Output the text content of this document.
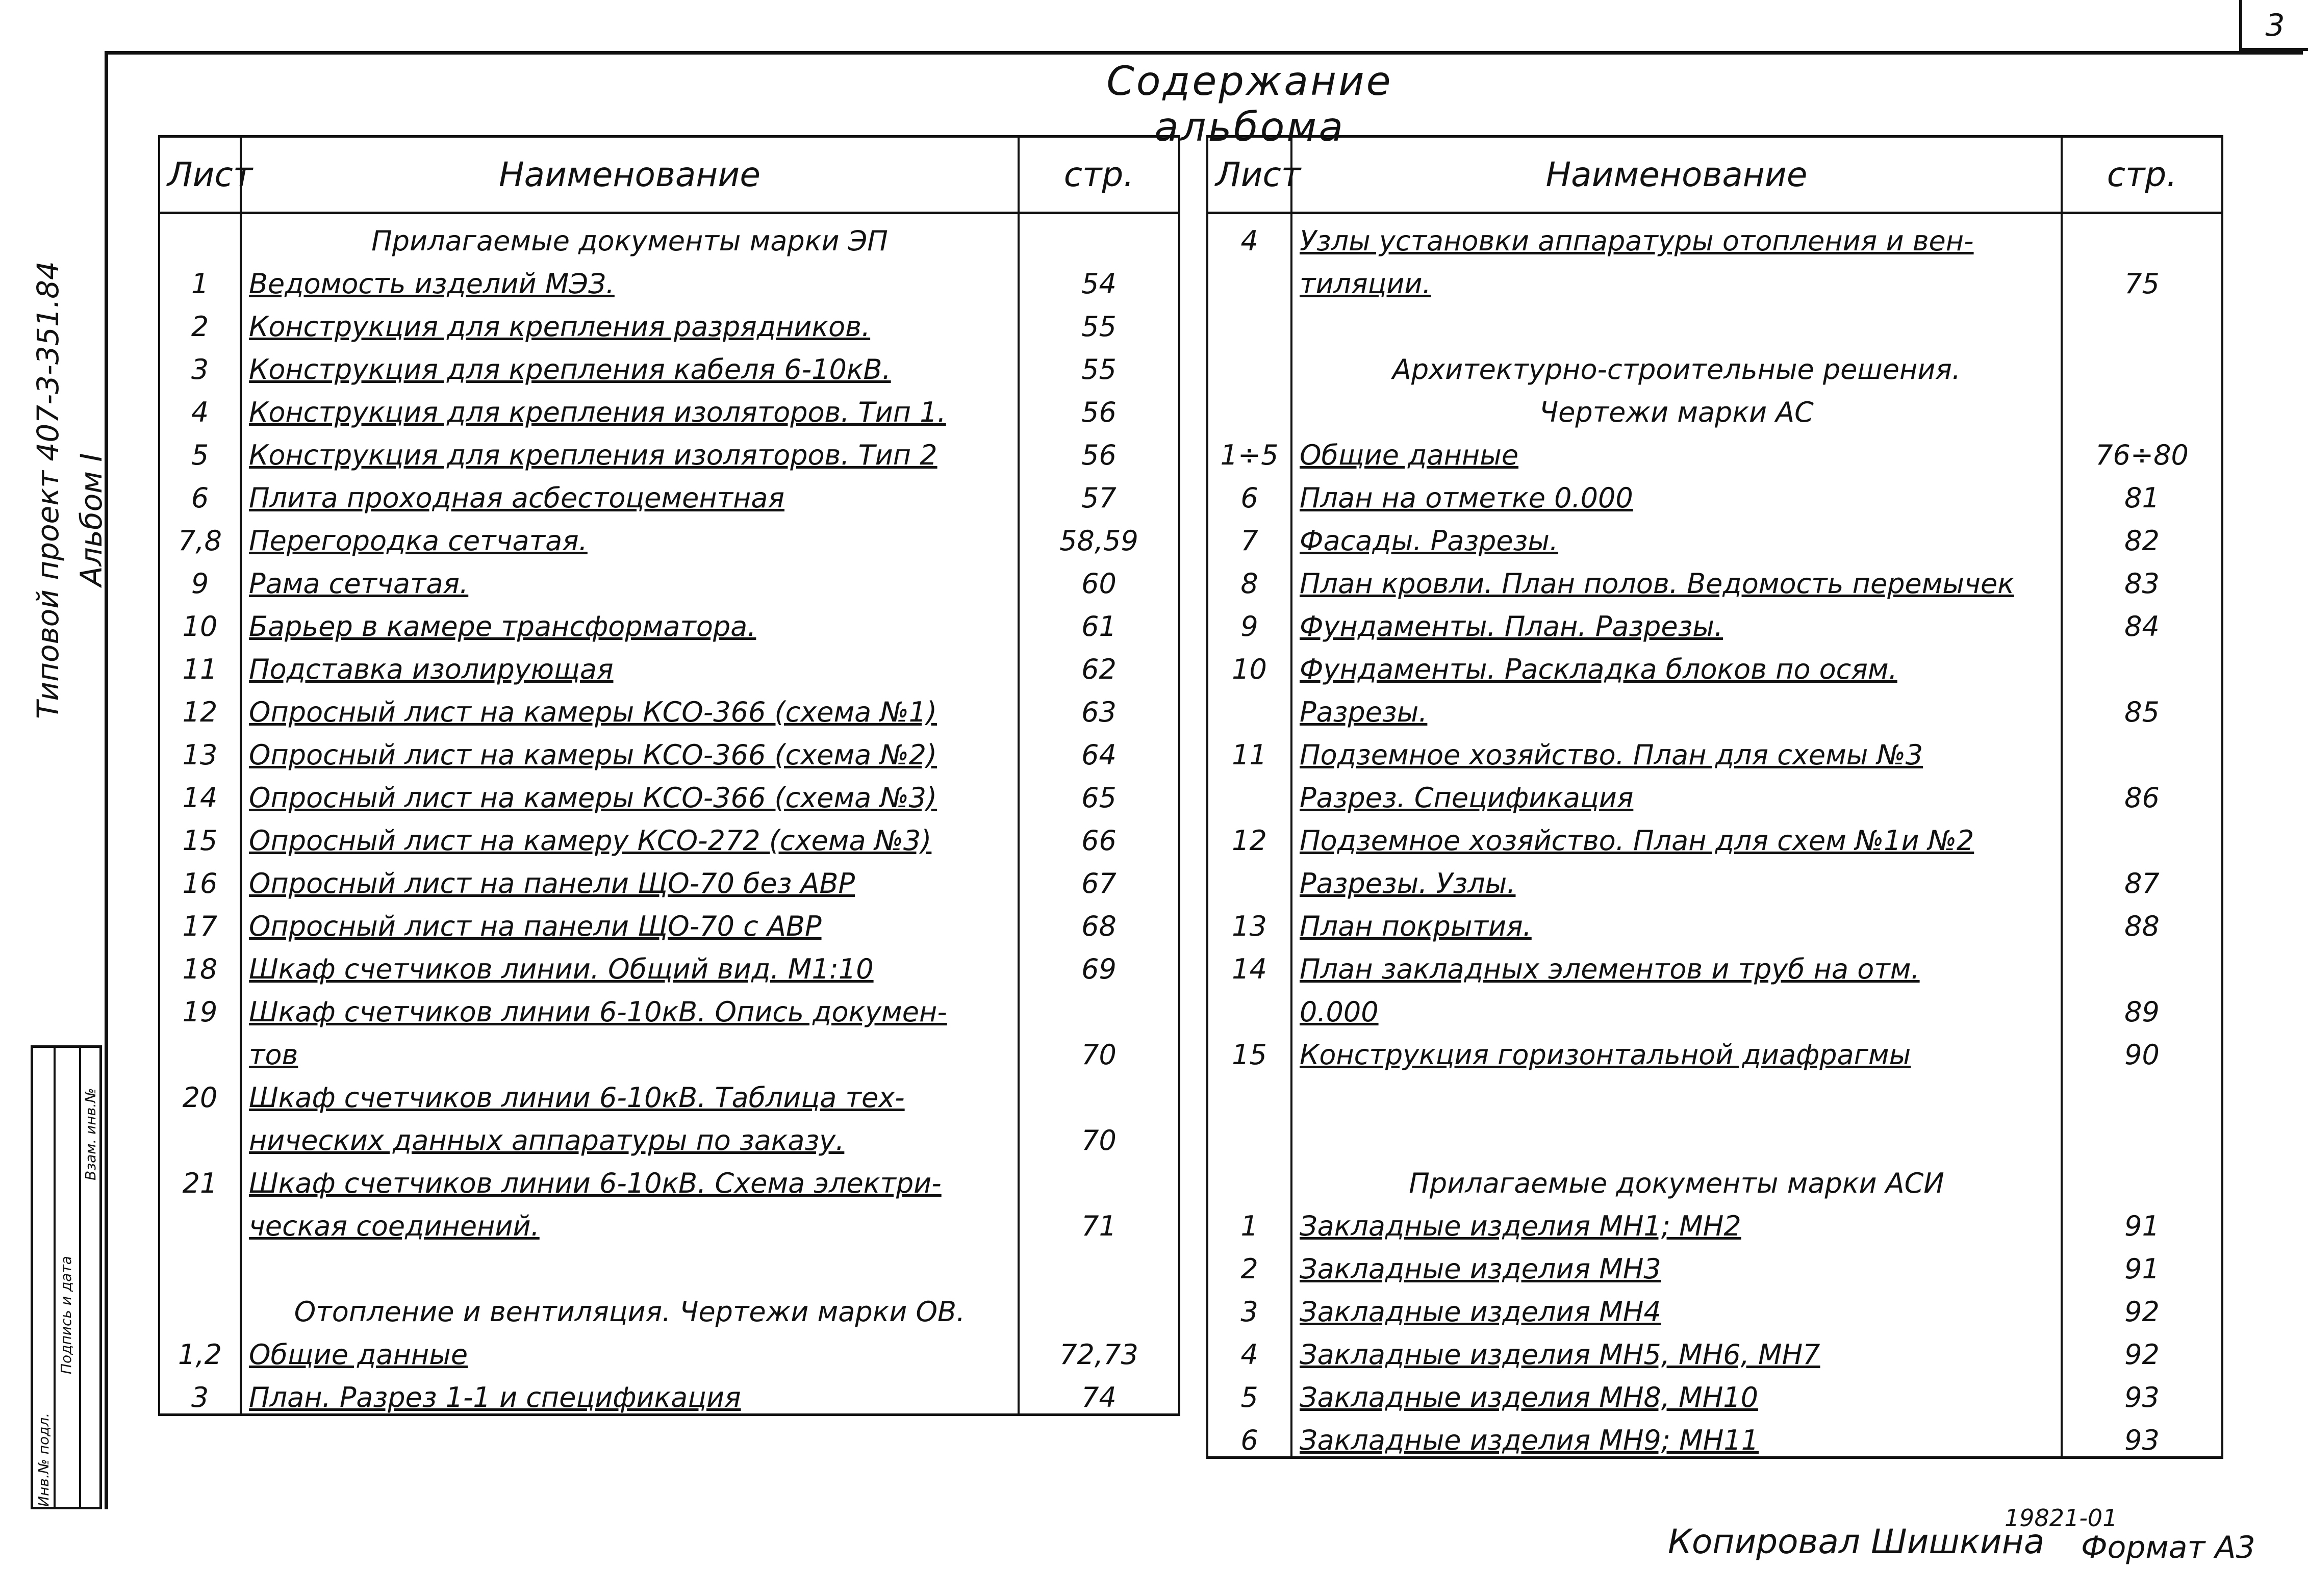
3
Содержание альбома
Типовой проект 407-3-351.84 Альбом I
Инв.№ подл.
Подпись и дата
Взам. инв.№
Лист	Наименование	стр.
	Прилагаемые документы марки ЭП	
1	Ведомость изделий МЭЗ.	54
2	Конструкция для крепления разрядников.	55
3	Конструкция для крепления кабеля 6-10кВ.	55
4	Конструкция для крепления изоляторов. Тип 1.	56
5	Конструкция для крепления изоляторов. Тип 2	56
6	Плита проходная асбестоцементная	57
7,8	Перегородка сетчатая.	58,59
9	Рама сетчатая.	60
10	Барьер в камере трансформатора.	61
11	Подставка изолирующая	62
12	Опросный лист на камеры КСО-366 (схема №1)	63
13	Опросный лист на камеры КСО-366 (схема №2)	64
14	Опросный лист на камеры КСО-366 (схема №3)	65
15	Опросный лист на камеру КСО-272 (схема №3)	66
16	Опросный лист на панели ЩО-70 без АВР	67
17	Опросный лист на панели ЩО-70 с АВР	68
18	Шкаф счетчиков линии. Общий вид. М1:10	69
19	Шкаф счетчиков линии 6-10кВ. Опись докумен-	
	тов	70
20	Шкаф счетчиков линии 6-10кВ. Таблица тех-	
	нических данных аппаратуры по заказу.	70
21	Шкаф счетчиков линии 6-10кВ. Схема электри-	
	ческая соединений.	71

	Отопление и вентиляция. Чертежи марки ОВ.	
1,2	Общие данные	72,73
3	План. Разрез 1-1 и спецификация	74
Лист	Наименование	стр.
4	Узлы установки аппаратуры отопления и вен-	
	тиляции.	75

	Архитектурно-строительные решения.	
	Чертежи марки АС	
1÷5	Общие данные	76÷80
6	План на отметке 0.000	81
7	Фасады. Разрезы.	82
8	План кровли. План полов. Ведомость перемычек	83
9	Фундаменты. План. Разрезы.	84
10	Фундаменты. Раскладка блоков по осям.	
	Разрезы.	85
11	Подземное хозяйство. План для схемы №3	
	Разрез. Спецификация	86
12	Подземное хозяйство. План для схем №1и №2	
	Разрезы. Узлы.	87
13	План покрытия.	88
14	План закладных элементов и труб на отм.	
	0.000	89
15	Конструкция горизонтальной диафрагмы	90

	Прилагаемые документы марки АСИ	
1	Закладные изделия МН1; МН2	91
2	Закладные изделия МН3	91
3	Закладные изделия МН4	92
4	Закладные изделия МН5, МН6, МН7	92
5	Закладные изделия МН8, МН10	93
6	Закладные изделия МН9; МН11	93
Копировал Шишкина
19821-01
Формат А3
